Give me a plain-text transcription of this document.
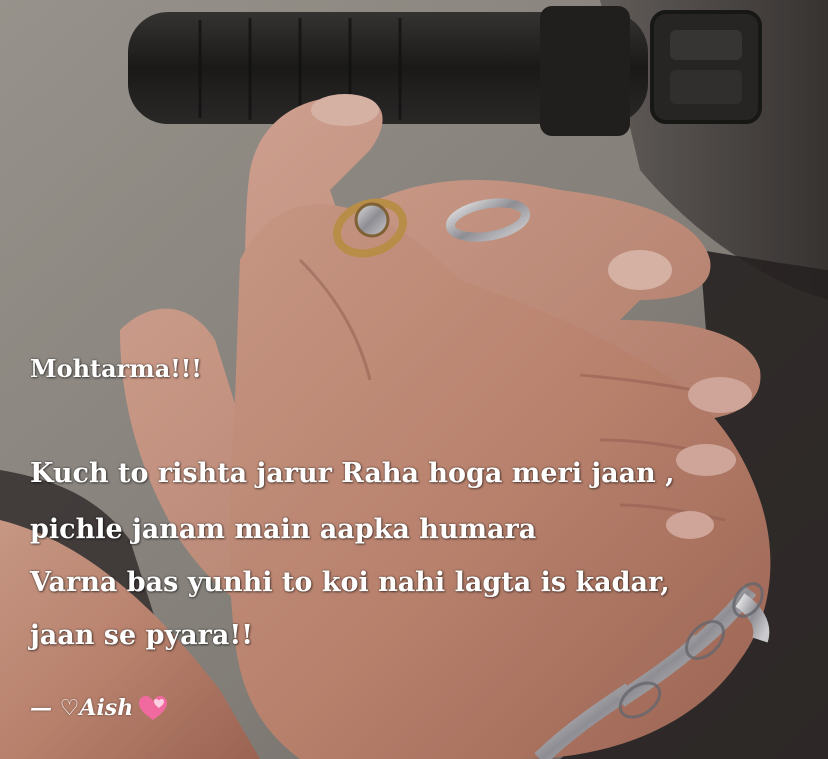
Mohtarma!!!
Kuch to rishta jarur Raha hoga meri jaan ,
pichle janam main aapka humara
Varna bas yunhi to koi nahi lagta is kadar,
jaan se pyara!!
— ♡Aish
